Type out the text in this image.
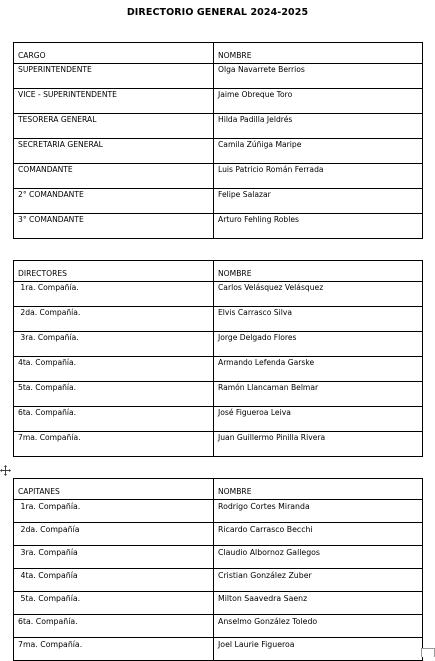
DIRECTORIO GENERAL 2024-2025
CARGO	NOMBRE
SUPERINTENDENTE	Olga Navarrete Berrios
VICE - SUPERINTENDENTE	Jaime Obreque Toro
TESORERA GENERAL	Hilda Padilla Jeldrés
SECRETARIA GENERAL	Camila Zúñiga Maripe
COMANDANTE	Luis Patricio Román Ferrada
2° COMANDANTE	Felipe Salazar
3° COMANDANTE	Arturo Fehling Robles
DIRECTORES	NOMBRE
1ra. Compañía.	Carlos Velásquez Velásquez
2da. Compañía.	Elvis Carrasco Silva
3ra. Compañía.	Jorge Delgado Flores
4ta. Compañía.	Armando Lefenda Garske
5ta. Compañía.	Ramón Llancaman Belmar
6ta. Compañía.	José Figueroa Leiva
7ma. Compañía.	Juan Guillermo Pinilla Rivera
CAPITANES	NOMBRE
1ra. Compañía.	Rodrigo Cortes Miranda
2da. Compañía	Ricardo Carrasco Becchi
3ra. Compañía	Claudio Albornoz Gallegos
4ta. Compañía	Cristian González Zuber
5ta. Compañía.	Milton Saavedra Saenz
6ta. Compañía.	Anselmo González Toledo
7ma. Compañía.	Joel Laurie Figueroa
